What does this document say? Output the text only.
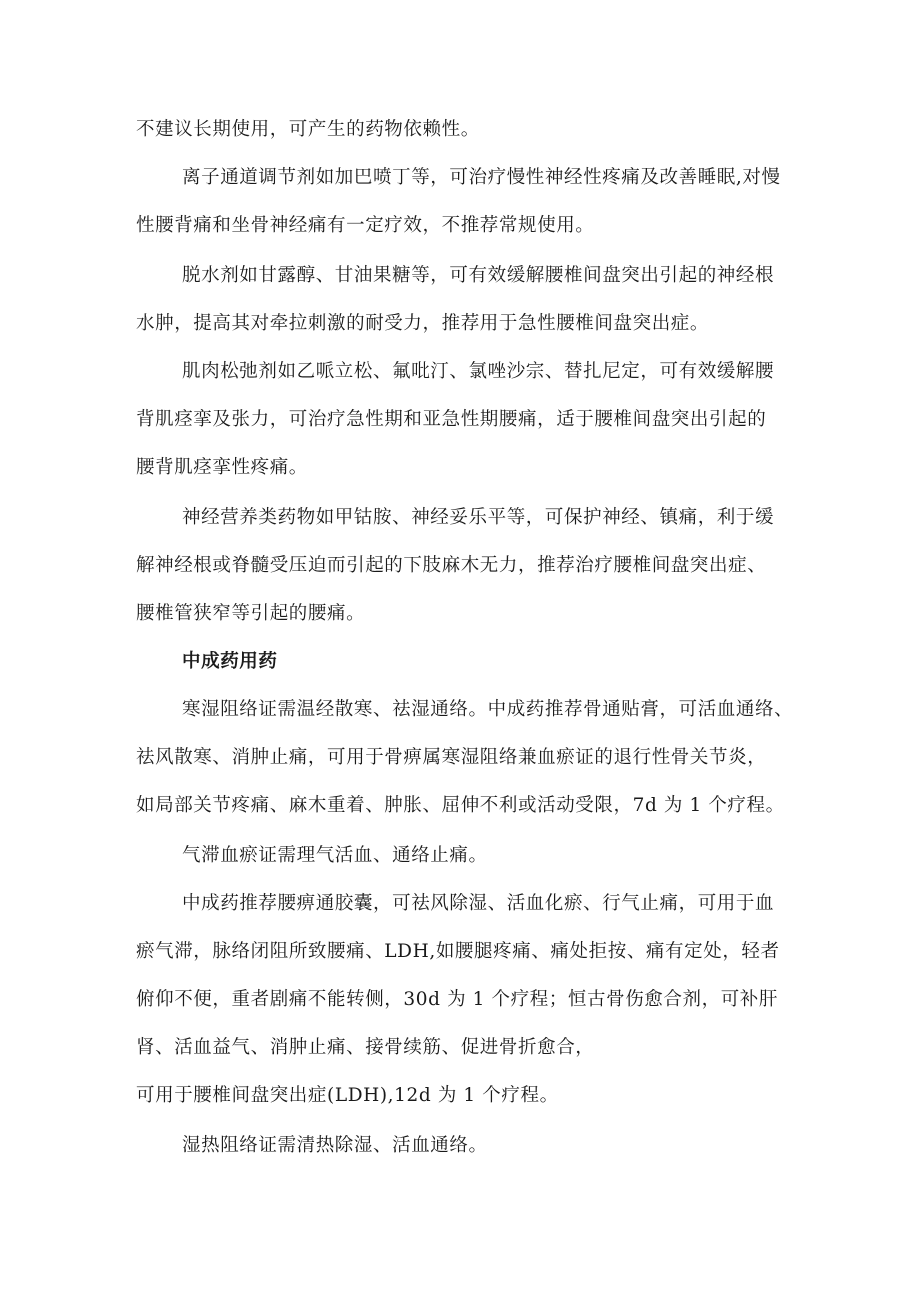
不建议长期使用，可产生的药物依赖性。
离子通道调节剂如加巴喷丁等，可治疗慢性神经性疼痛及改善睡眠,对慢
性腰背痛和坐骨神经痛有一定疗效，不推荐常规使用。
脱水剂如甘露醇、甘油果糖等，可有效缓解腰椎间盘突出引起的神经根
水肿，提高其对牵拉刺激的耐受力，推荐用于急性腰椎间盘突出症。
肌肉松弛剂如乙哌立松、氟吡汀、氯唑沙宗、替扎尼定，可有效缓解腰
背肌痉挛及张力，可治疗急性期和亚急性期腰痛，适于腰椎间盘突出引起的
腰背肌痉挛性疼痛。
神经营养类药物如甲钴胺、神经妥乐平等，可保护神经、镇痛，利于缓
解神经根或脊髓受压迫而引起的下肢麻木无力，推荐治疗腰椎间盘突出症、
腰椎管狭窄等引起的腰痛。
中成药用药
寒湿阻络证需温经散寒、祛湿通络。中成药推荐骨通贴膏，可活血通络、
祛风散寒、消肿止痛，可用于骨痹属寒湿阻络兼血瘀证的退行性骨关节炎，
如局部关节疼痛、麻木重着、肿胀、屈伸不利或活动受限，7d 为 1 个疗程。
气滞血瘀证需理气活血、通络止痛。
中成药推荐腰痹通胶囊，可祛风除湿、活血化瘀、行气止痛，可用于血
瘀气滞，脉络闭阻所致腰痛、LDH,如腰腿疼痛、痛处拒按、痛有定处，轻者
俯仰不便，重者剧痛不能转侧，30d 为 1 个疗程；恒古骨伤愈合剂，可补肝
肾、活血益气、消肿止痛、接骨续筋、促进骨折愈合，
可用于腰椎间盘突出症(LDH),12d 为 1 个疗程。
湿热阻络证需清热除湿、活血通络。
